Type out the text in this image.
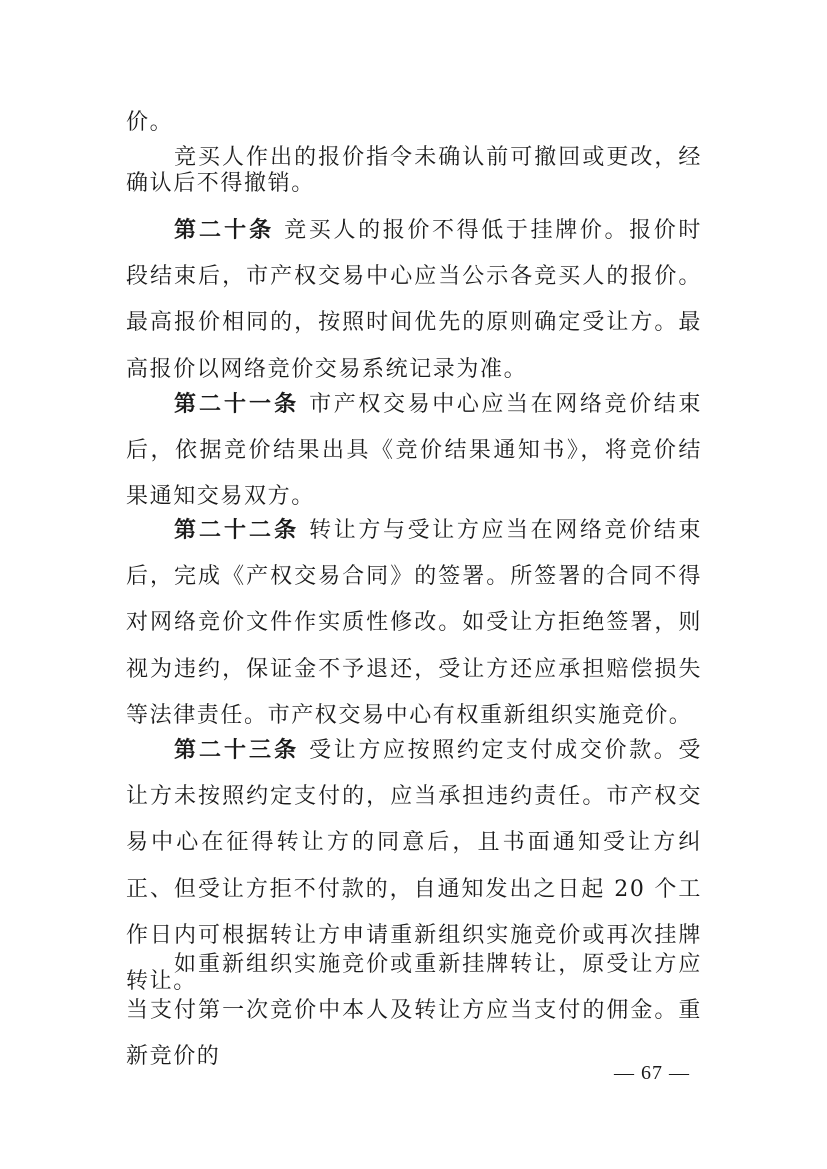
价。

竞买人作出的报价指令未确认前可撤回或更改，经确认后不得撤销。

第二十条 竞买人的报价不得低于挂牌价。报价时段结束后，市产权交易中心应当公示各竞买人的报价。最高报价相同的，按照时间优先的原则确定受让方。最高报价以网络竞价交易系统记录为准。

第二十一条 市产权交易中心应当在网络竞价结束后，依据竞价结果出具《竞价结果通知书》，将竞价结果通知交易双方。

第二十二条 转让方与受让方应当在网络竞价结束后，完成《产权交易合同》的签署。所签署的合同不得对网络竞价文件作实质性修改。如受让方拒绝签署，则视为违约，保证金不予退还，受让方还应承担赔偿损失等法律责任。市产权交易中心有权重新组织实施竞价。

第二十三条 受让方应按照约定支付成交价款。受让方未按照约定支付的，应当承担违约责任。市产权交易中心在征得转让方的同意后，且书面通知受让方纠正、但受让方拒不付款的，自通知发出之日起 20 个工作日内可根据转让方申请重新组织实施竞价或再次挂牌转让。

如重新组织实施竞价或重新挂牌转让，原受让方应当支付第一次竞价中本人及转让方应当支付的佣金。重新竞价的

— 67 —
